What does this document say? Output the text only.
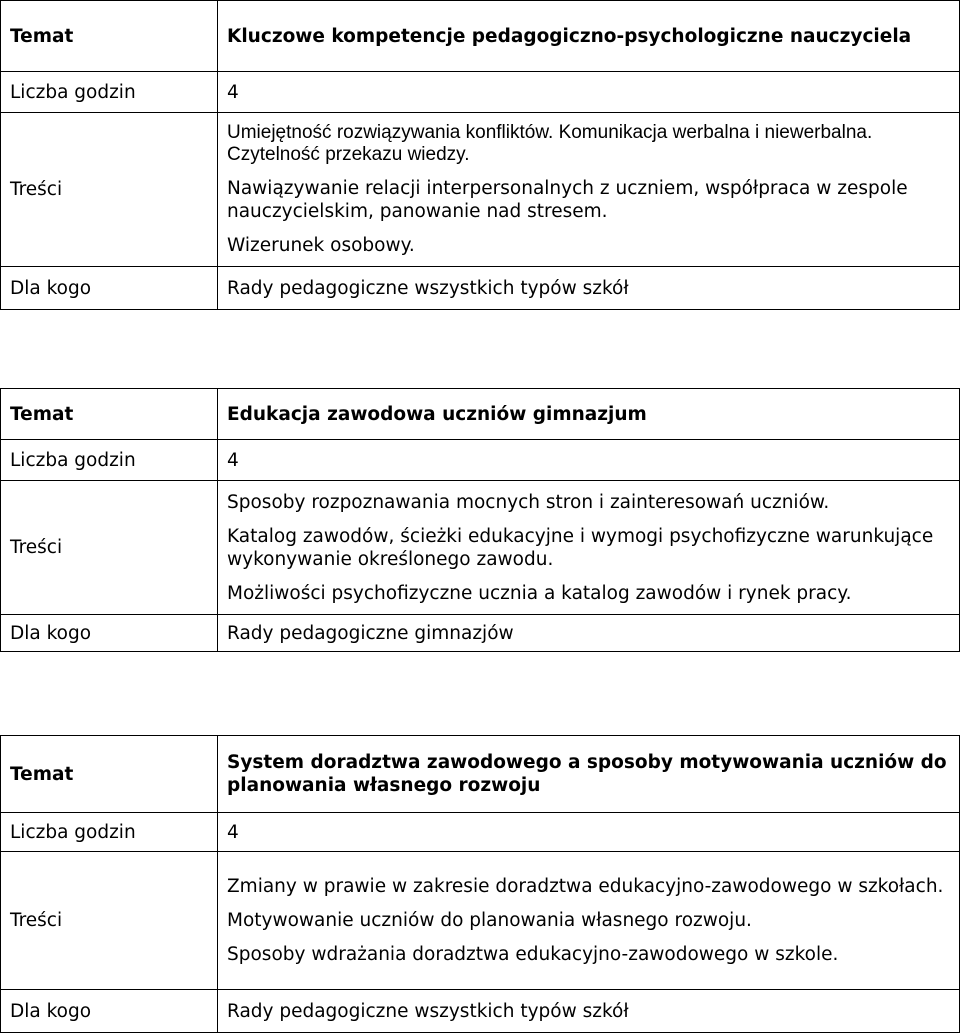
Temat	Kluczowe kompetencje pedagogiczno-psychologiczne nauczyciela
Liczba godzin	4
Treści	Umiejętność rozwiązywania konfliktów. Komunikacja werbalna i niewerbalna. Czytelność przekazu wiedzy.
Nawiązywanie relacji interpersonalnych z uczniem, współpraca w zespole nauczycielskim, panowanie nad stresem.
Wizerunek osobowy.

Dla kogo	Rady pedagogiczne wszystkich typów szkół
Temat	Edukacja zawodowa uczniów gimnazjum
Liczba godzin	4
Treści	Sposoby rozpoznawania mocnych stron i zainteresowań uczniów.
Katalog zawodów, ścieżki edukacyjne i wymogi psychofizyczne warunkujące wykonywanie określonego zawodu.
Możliwości psychofizyczne ucznia a katalog zawodów i rynek pracy.

Dla kogo	Rady pedagogiczne gimnazjów
Temat	System doradztwa zawodowego a sposoby motywowania uczniów do planowania własnego rozwoju
Liczba godzin	4
Treści	Zmiany w prawie w zakresie doradztwa edukacyjno-zawodowego w szkołach.
Motywowanie uczniów do planowania własnego rozwoju.
Sposoby wdrażania doradztwa edukacyjno-zawodowego w szkole.

Dla kogo	Rady pedagogiczne wszystkich typów szkół
